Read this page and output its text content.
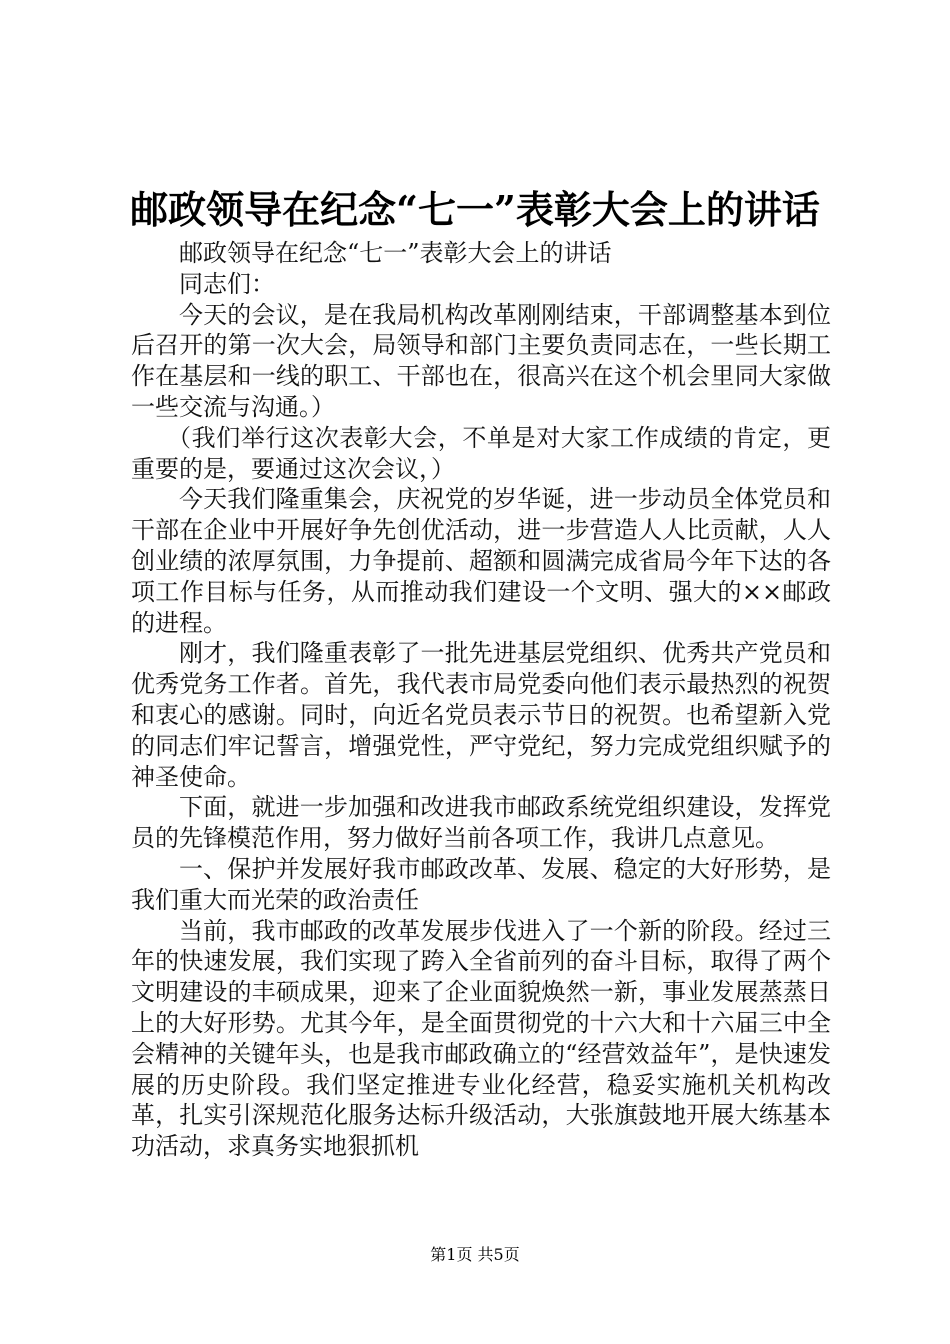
邮政领导在纪念“七一”表彰大会上的讲话

邮政领导在纪念“七一”表彰大会上的讲话

同志们：

今天的会议，是在我局机构改革刚刚结束，干部调整基本到位后召开的第一次大会，局领导和部门主要负责同志在，一些长期工作在基层和一线的职工、干部也在，很高兴在这个机会里同大家做一些交流与沟通。）

（我们举行这次表彰大会，不单是对大家工作成绩的肯定，更重要的是，要通过这次会议，）

今天我们隆重集会，庆祝党的岁华诞，进一步动员全体党员和干部在企业中开展好争先创优活动，进一步营造人人比贡献，人人创业绩的浓厚氛围，力争提前、超额和圆满完成省局今年下达的各项工作目标与任务，从而推动我们建设一个文明、强大的××邮政的进程。

刚才，我们隆重表彰了一批先进基层党组织、优秀共产党员和优秀党务工作者。首先，我代表市局党委向他们表示最热烈的祝贺和衷心的感谢。同时，向近名党员表示节日的祝贺。也希望新入党的同志们牢记誓言，增强党性，严守党纪，努力完成党组织赋予的神圣使命。

下面，就进一步加强和改进我市邮政系统党组织建设，发挥党员的先锋模范作用，努力做好当前各项工作，我讲几点意见。

一、保护并发展好我市邮政改革、发展、稳定的大好形势，是我们重大而光荣的政治责任

当前，我市邮政的改革发展步伐进入了一个新的阶段。经过三年的快速发展，我们实现了跨入全省前列的奋斗目标，取得了两个文明建设的丰硕成果，迎来了企业面貌焕然一新，事业发展蒸蒸日上的大好形势。尤其今年，是全面贯彻党的十六大和十六届三中全会精神的关键年头，也是我市邮政确立的“经营效益年”，是快速发展的历史阶段。我们坚定推进专业化经营，稳妥实施机关机构改革，扎实引深规范化服务达标升级活动，大张旗鼓地开展大练基本功活动，求真务实地狠抓机

第1页 共5页
